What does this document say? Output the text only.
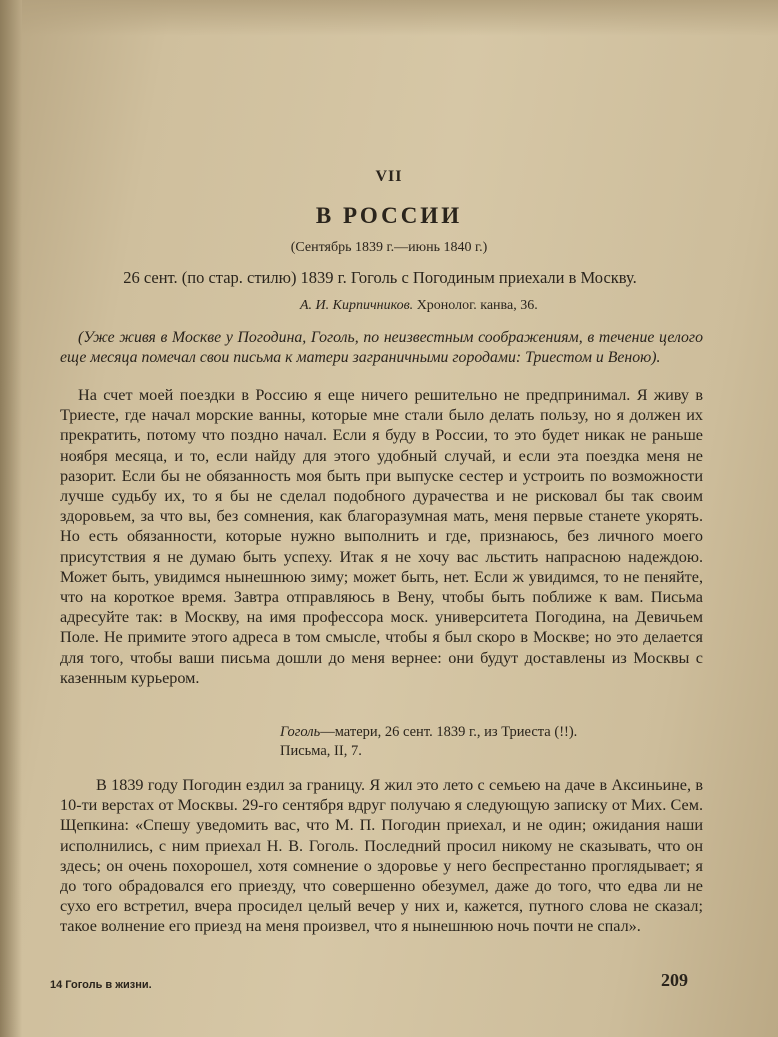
VII
В РОССИИ
(Сентябрь 1839 г.—июнь 1840 г.)
26 сент. (по стар. стилю) 1839 г. Гоголь с Погодиным приехали в Москву.
А. И. Кирпичников. Хронолог. канва, 36.

(Уже живя в Москве у Погодина, Гоголь, по неизвестным соображениям, в течение целого еще месяца помечал свои письма к матери заграничными городами: Триестом и Веною).

На счет моей поездки в Россию я еще ничего решительно не предпринимал. Я живу в Триесте, где начал морские ванны, которые мне стали было делать пользу, но я должен их прекратить, потому что поздно начал. Если я буду в России, то это будет никак не раньше ноября месяца, и то, если найду для этого удобный случай, и если эта поездка меня не разорит. Если бы не обязанность моя быть при выпуске сестер и устроить по возможности лучше судьбу их, то я бы не сделал подобного дурачества и не рисковал бы так своим здоровьем, за что вы, без сомнения, как благоразумная мать, меня первые станете укорять. Но есть обязанности, которые нужно выполнить и где, признаюсь, без личного моего присутствия я не думаю быть успеху. Итак я не хочу вас льстить напрасною надеждою. Может быть, увидимся нынешнюю зиму; может быть, нет. Если ж увидимся, то не пеняйте, что на короткое время. Завтра отправляюсь в Вену, чтобы быть поближе к вам. Письма адресуйте так: в Москву, на имя профессора моск. университета Погодина, на Девичьем Поле. Не примите этого адреса в том смысле, чтобы я был скоро в Москве; но это делается для того, чтобы ваши письма дошли до меня вернее: они будут доставлены из Москвы с казенным курьером.

Гоголь—матери, 26 сент. 1839 г., из Триеста (!!).
Письма, II, 7.

В 1839 году Погодин ездил за границу. Я жил это лето с семьею на даче в Аксиньине, в 10-ти верстах от Москвы. 29-го сентября вдруг получаю я следующую записку от Мих. Сем. Щепкина: «Спешу уведомить вас, что М. П. Погодин приехал, и не один; ожидания наши исполнились, с ним приехал Н. В. Гоголь. Последний просил никому не сказывать, что он здесь; он очень похорошел, хотя сомнение о здоровье у него беспрестанно проглядывает; я до того обрадовался его приезду, что совершенно обезумел, даже до того, что едва ли не сухо его встретил, вчера просидел целый вечер у них и, кажется, путного слова не сказал; такое волнение его приезд на меня произвел, что я нынешнюю ночь почти не спал».

14 Гоголь в жизни.	209
